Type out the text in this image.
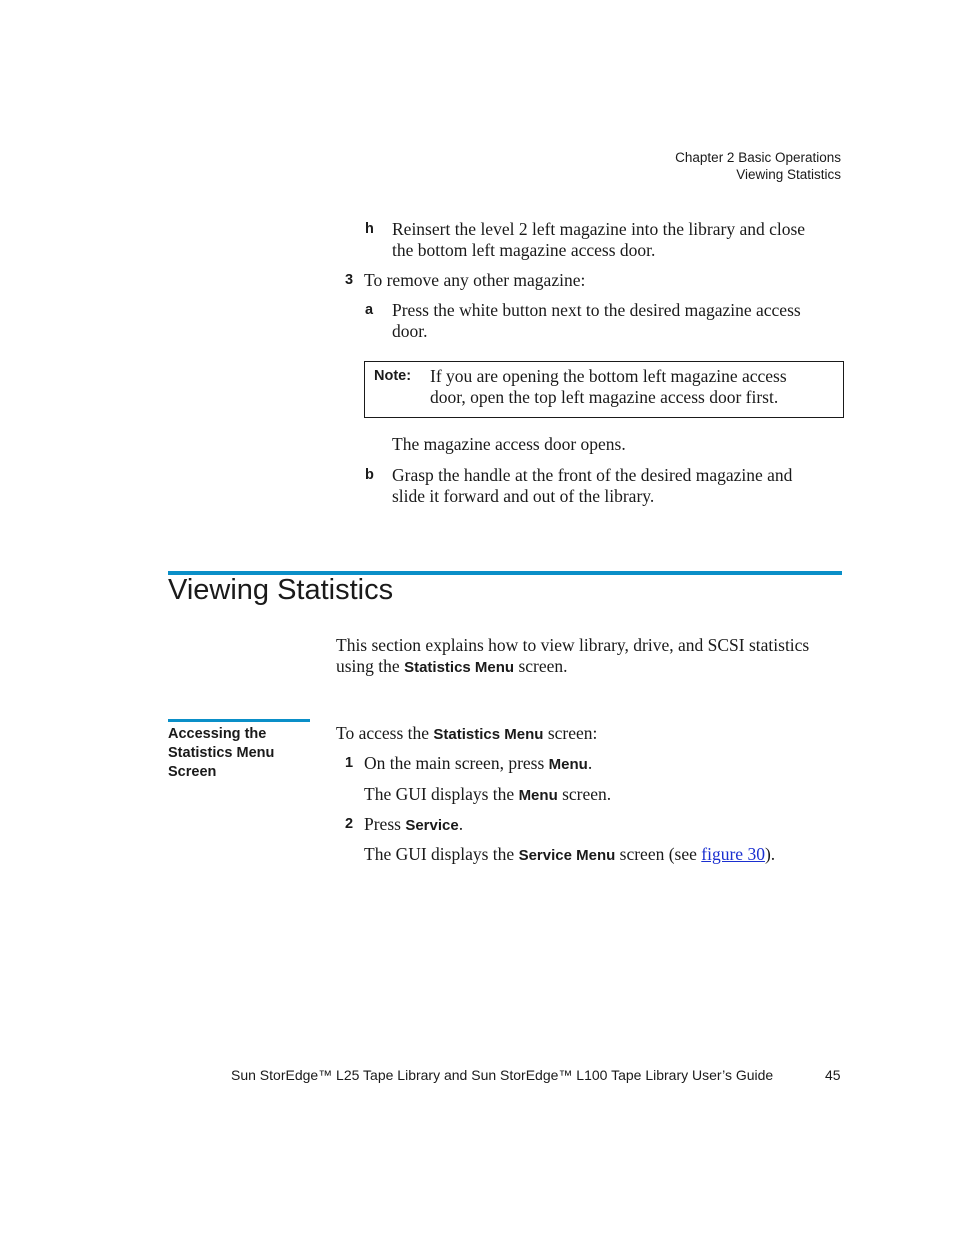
Chapter 2 Basic Operations
Viewing Statistics
h Reinsert the level 2 left magazine into the library and close
the bottom left magazine access door.
3 To remove any other magazine:
a Press the white button next to the desired magazine access
door.
Note: If you are opening the bottom left magazine access
door, open the top left magazine access door first.
The magazine access door opens.
b Grasp the handle at the front of the desired magazine and
slide it forward and out of the library.
Viewing Statistics
This section explains how to view library, drive, and SCSI statistics
using the Statistics Menu screen.
Accessing the
Statistics Menu
Screen
To access the Statistics Menu screen:
1 On the main screen, press Menu.
The GUI displays the Menu screen.
2 Press Service.
The GUI displays the Service Menu screen (see figure 30).
Sun StorEdge™ L25 Tape Library and Sun StorEdge™ L100 Tape Library User’s Guide	45
